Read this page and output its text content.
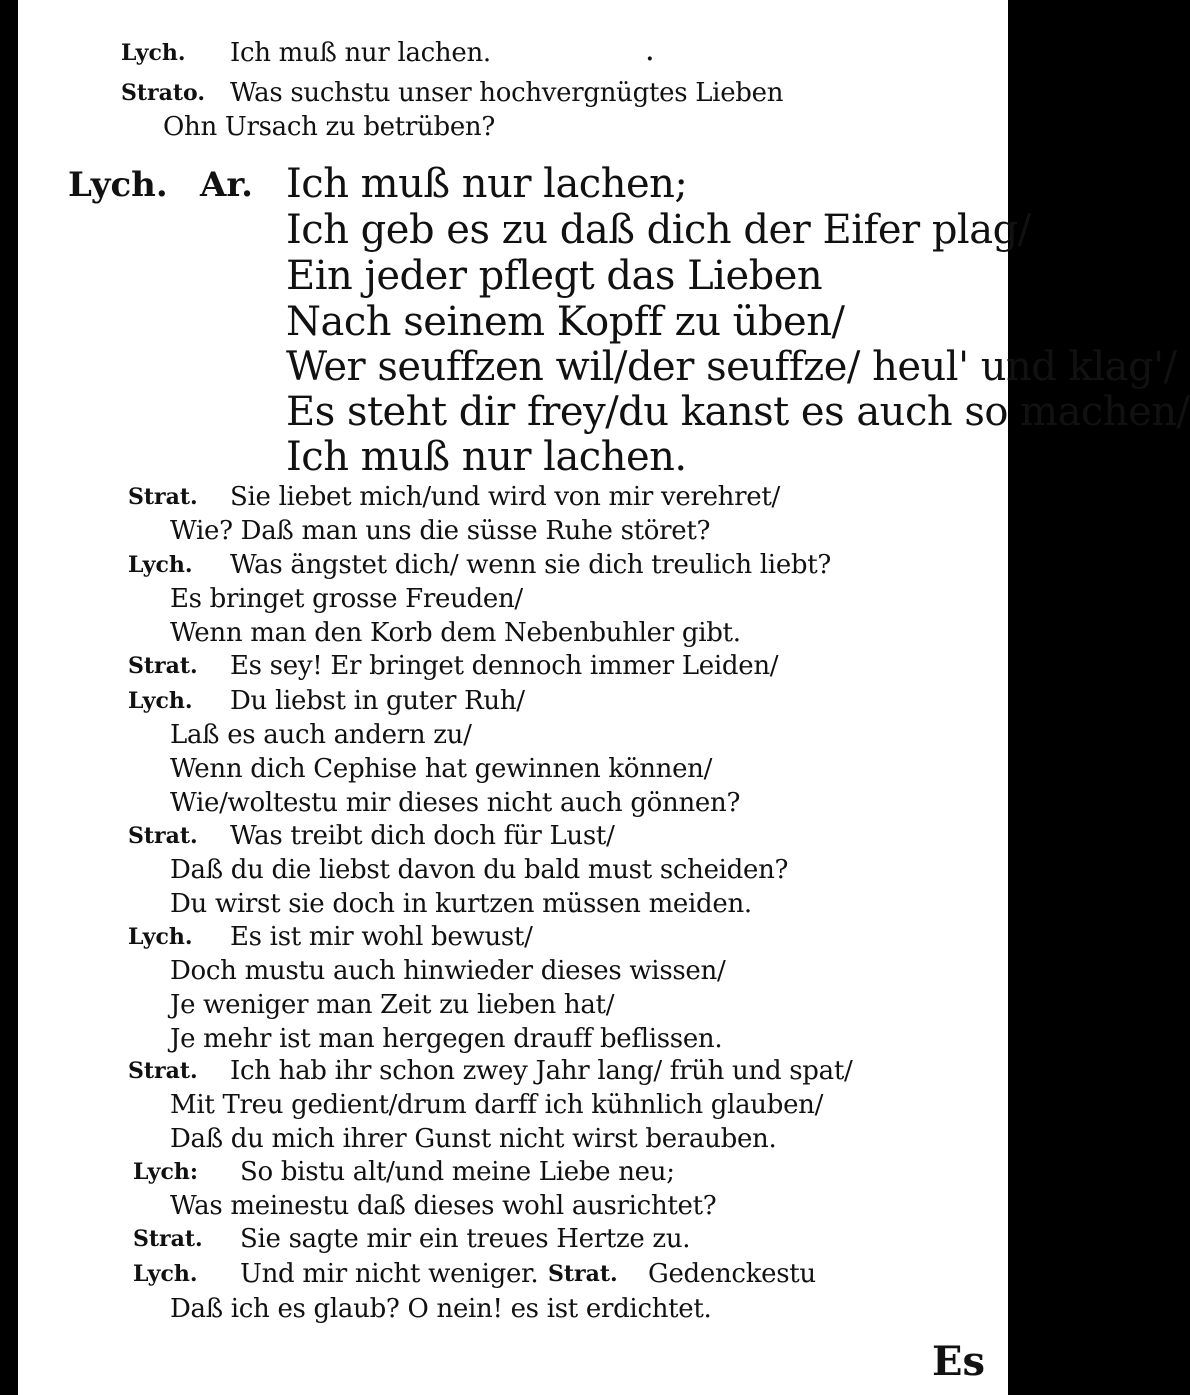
·
Lych. Ich muß nur lachen.
Strato. Was suchstu unser hochvergnügtes Lieben
Ohn Ursach zu betrüben?
Lych. Ar. Ich muß nur lachen;
Ich geb es zu daß dich der Eifer plag/
Ein jeder pflegt das Lieben
Nach seinem Kopff zu üben/
Wer seuffzen wil/der seuffze/ heul' und klag'/
Es steht dir frey/du kanst es auch so machen/
Ich muß nur lachen.
Strat. Sie liebet mich/und wird von mir verehret/
Wie? Daß man uns die süsse Ruhe störet?
Lych. Was ängstet dich/ wenn sie dich treulich liebt?
Es bringet grosse Freuden/
Wenn man den Korb dem Nebenbuhler gibt.
Strat. Es sey! Er bringet dennoch immer Leiden/
Lych. Du liebst in guter Ruh/
Laß es auch andern zu/
Wenn dich Cephise hat gewinnen können/
Wie/woltestu mir dieses nicht auch gönnen?
Strat. Was treibt dich doch für Lust/
Daß du die liebst davon du bald must scheiden?
Du wirst sie doch in kurtzen müssen meiden.
Lych. Es ist mir wohl bewust/
Doch mustu auch hinwieder dieses wissen/
Je weniger man Zeit zu lieben hat/
Je mehr ist man hergegen drauff beflissen.
Strat. Ich hab ihr schon zwey Jahr lang/ früh und spat/
Mit Treu gedient/drum darff ich kühnlich glauben/
Daß du mich ihrer Gunst nicht wirst berauben.
Lych: So bistu alt/und meine Liebe neu;
Was meinestu daß dieses wohl ausrichtet?
Strat. Sie sagte mir ein treues Hertze zu.
Lych. Und mir nicht weniger. Strat. Gedenckestu
Daß ich es glaub? O nein! es ist erdichtet.
Es
